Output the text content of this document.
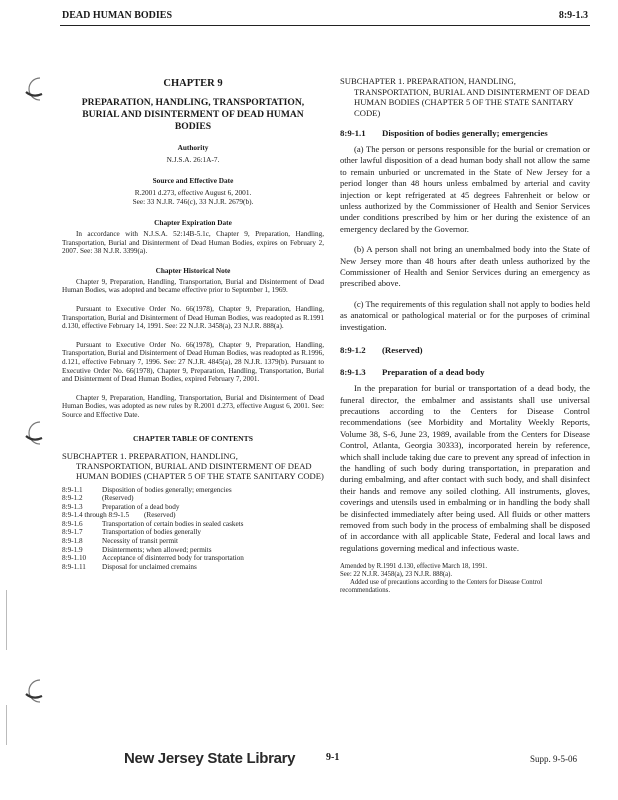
DEAD HUMAN BODIES	8:9-1.3
CHAPTER 9
PREPARATION, HANDLING, TRANSPORTATION, BURIAL AND DISINTERMENT OF DEAD HUMAN BODIES
Authority
N.J.S.A. 26:1A-7.
Source and Effective Date
R.2001 d.273, effective August 6, 2001.
See: 33 N.J.R. 746(c), 33 N.J.R. 2679(b).
Chapter Expiration Date
In accordance with N.J.S.A. 52:14B-5.1c, Chapter 9, Preparation, Handling, Transportation, Burial and Disinterment of Dead Human Bodies, expires on February 2, 2007. See: 38 N.J.R. 3399(a).
Chapter Historical Note
Chapter 9, Preparation, Handling, Transportation, Burial and Disinterment of Dead Human Bodies, was adopted and became effective prior to September 1, 1969.
Pursuant to Executive Order No. 66(1978), Chapter 9, Preparation, Handling, Transportation, Burial and Disinterment of Dead Human Bodies, was readopted as R.1991 d.130, effective February 14, 1991. See: 22 N.J.R. 3458(a), 23 N.J.R. 888(a).
Pursuant to Executive Order No. 66(1978), Chapter 9, Preparation, Handling, Transportation, Burial and Disinterment of Dead Human Bodies, was readopted as R.1996, d.121, effective February 7, 1996. See: 27 N.J.R. 4845(a), 28 N.J.R. 1379(b). Pursuant to Executive Order No. 66(1978), Chapter 9, Preparation, Handling, Transportation, Burial and Disinterment of Dead Human Bodies, expired February 7, 2001.
Chapter 9, Preparation, Handling, Transportation, Burial and Disinterment of Dead Human Bodies, was adopted as new rules by R.2001 d.273, effective August 6, 2001. See: Source and Effective Date.
CHAPTER TABLE OF CONTENTS
SUBCHAPTER 1. PREPARATION, HANDLING,
TRANSPORTATION, BURIAL AND DISINTERMENT OF DEAD HUMAN BODIES (CHAPTER 5 OF THE STATE SANITARY CODE)
8:9-1.1	Disposition of bodies generally; emergencies
8:9-1.2	(Reserved)
8:9-1.3	Preparation of a dead body
8:9-1.4 through 8:9-1.5	(Reserved)
8:9-1.6	Transportation of certain bodies in sealed caskets
8:9-1.7	Transportation of bodies generally
8:9-1.8	Necessity of transit permit
8:9-1.9	Disinterments; when allowed; permits
8:9-1.10	Acceptance of disinterred body for transportation
8:9-1.11	Disposal for unclaimed cremains
SUBCHAPTER 1. PREPARATION, HANDLING,
TRANSPORTATION, BURIAL AND DISINTERMENT OF DEAD HUMAN BODIES (CHAPTER 5 OF THE STATE SANITARY CODE)
8:9-1.1 Disposition of bodies generally; emergencies
(a) The person or persons responsible for the burial or cremation or other lawful disposition of a dead human body shall not allow the same to remain unburied or uncremated in the State of New Jersey for a period longer than 48 hours unless embalmed by arterial and cavity injection or kept refrigerated at 45 degrees Fahrenheit or below or unless authorized by the Commissioner of Health and Senior Services under conditions prescribed by him or her during the existence of an emergency declared by the Governor.
(b) A person shall not bring an unembalmed body into the State of New Jersey more than 48 hours after death unless authorized by the Commissioner of Health and Senior Services during an emergency as prescribed above.
(c) The requirements of this regulation shall not apply to bodies held as anatomical or pathological material or for the purposes of criminal investigation.
8:9-1.2 (Reserved)
8:9-1.3 Preparation of a dead body
In the preparation for burial or transportation of a dead body, the funeral director, the embalmer and assistants shall use universal precautions according to the Centers for Disease Control recommendations (see Morbidity and Mortality Weekly Reports, Volume 38, S-6, June 23, 1989, available from the Centers for Disease Control, Atlanta, Georgia 30333), incorporated herein by reference, which shall include taking due care to prevent any spread of infection in the handling of such body during transportation, in preparation and during embalming, and after contact with such body, and shall disinfect their hands and remove any soiled clothing. All instruments, gloves, coverings and utensils used in embalming or in handling the body shall be disinfected immediately after being used. All fluids or other matters removed from such body in the process of embalming shall be disposed of in accordance with all applicable State, Federal and local laws and regulations governing medical and infectious waste.
Amended by R.1991 d.130, effective March 18, 1991.
See: 22 N.J.R. 3458(a), 23 N.J.R. 888(a).
Added use of precautions according to the Centers for Disease Control recommendations.
New Jersey State Library	9-1	Supp. 9-5-06
